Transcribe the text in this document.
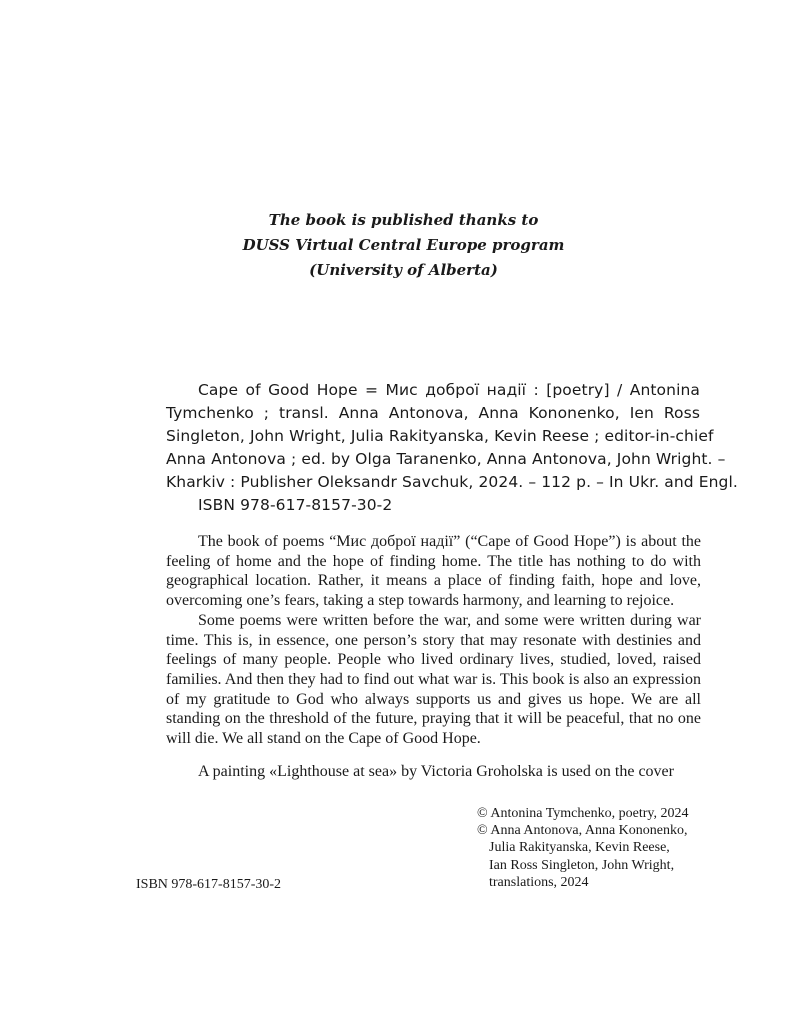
The book is published thanks to
DUSS Virtual Central Europe program
(University of Alberta)
Cape of Good Hope = Мис доброї надії : [poetry] / Antonina
Tymchenko ; transl. Anna Antonova, Anna Kononenko, Ien Ross
Singleton, John Wright, Julia Rakityanska, Kevin Reese ; editor-in-chief
Anna Antonova ; ed. by Olga Taranenko, Anna Antonova, John Wright. –
Kharkiv : Publisher Oleksandr Savchuk, 2024. – 112 p. – In Ukr. and Engl.
ISBN 978-617-8157-30-2
The book of poems “Мис доброї надії” (“Cape of Good Hope”) is about the
feeling of home and the hope of finding home. The title has nothing to do with
geographical location. Rather, it means a place of finding faith, hope and love,
overcoming one’s fears, taking a step towards harmony, and learning to rejoice.
Some poems were written before the war, and some were written during war
time. This is, in essence, one person’s story that may resonate with destinies and
feelings of many people. People who lived ordinary lives, studied, loved, raised
families. And then they had to find out what war is. This book is also an expression
of my gratitude to God who always supports us and gives us hope. We are all
standing on the threshold of the future, praying that it will be peaceful, that no one
will die. We all stand on the Cape of Good Hope.
A painting «Lighthouse at sea» by Victoria Groholska is used on the cover
ISBN 978-617-8157-30-2
© Antonina Tymchenko, poetry, 2024
© Anna Antonova, Anna Kononenko,
Julia Rakityanska, Kevin Reese,
Ian Ross Singleton, John Wright,
translations, 2024
